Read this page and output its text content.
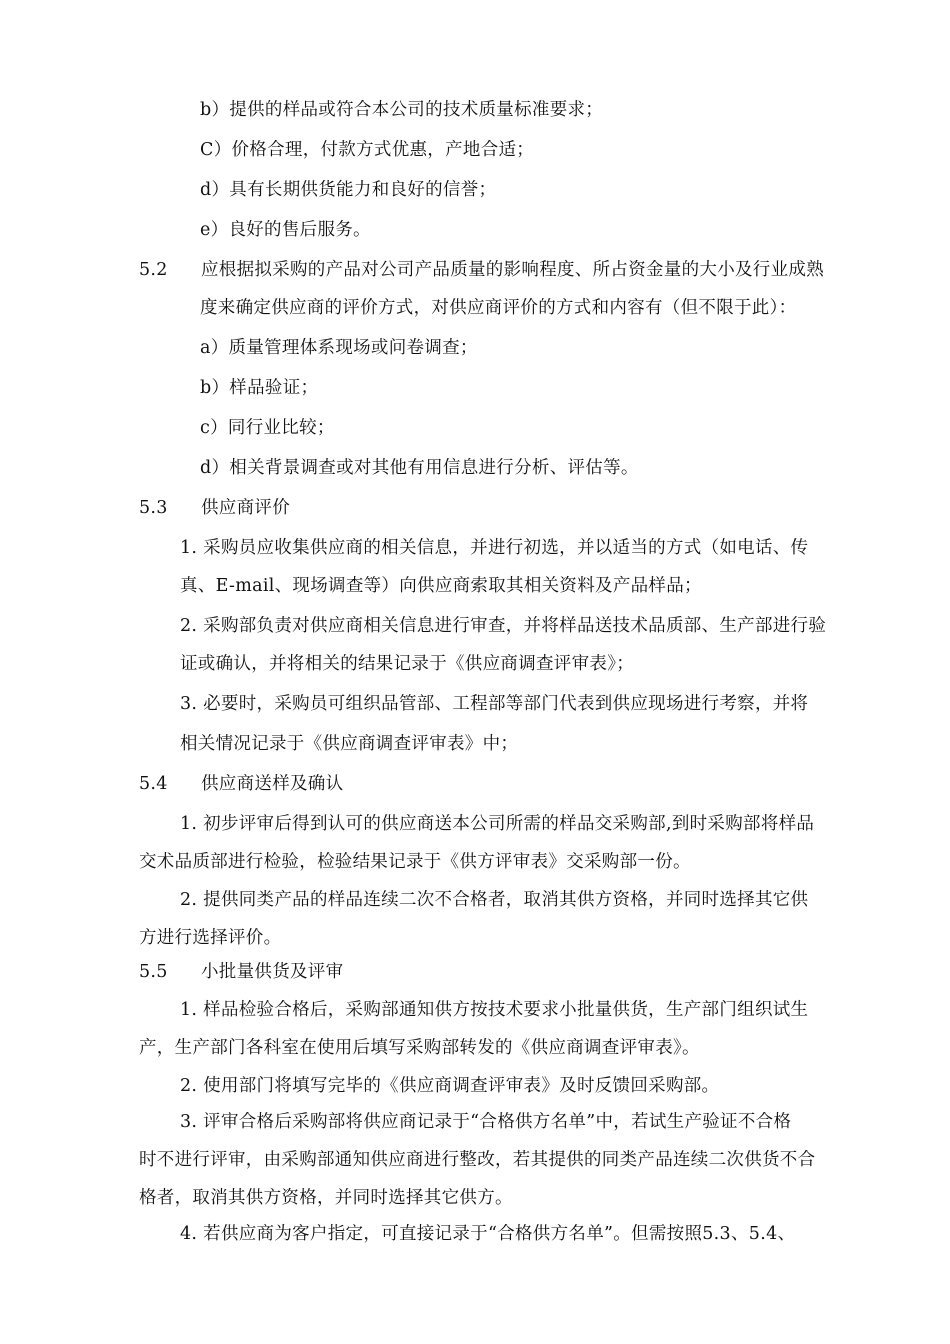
b）提供的样品或符合本公司的技术质量标准要求；
C）价格合理，付款方式优惠，产地合适；
d）具有长期供货能力和良好的信誉；
e）良好的售后服务。
5.2 应根据拟采购的产品对公司产品质量的影响程度、所占资金量的大小及行业成熟
度来确定供应商的评价方式，对供应商评价的方式和内容有（但不限于此）：
a）质量管理体系现场或问卷调查；
b）样品验证；
c）同行业比较；
d）相关背景调查或对其他有用信息进行分析、评估等。
5.3 供应商评价
1. 采购员应收集供应商的相关信息，并进行初选，并以适当的方式（如电话、传
真、E-mail、现场调查等）向供应商索取其相关资料及产品样品；
2. 采购部负责对供应商相关信息进行审查，并将样品送技术品质部、生产部进行验
证或确认，并将相关的结果记录于《供应商调查评审表》；
3. 必要时，采购员可组织品管部、工程部等部门代表到供应现场进行考察，并将
相关情况记录于《供应商调查评审表》中；
5.4 供应商送样及确认
1. 初步评审后得到认可的供应商送本公司所需的样品交采购部,到时采购部将样品
交术品质部进行检验，检验结果记录于《供方评审表》交采购部一份。
2. 提供同类产品的样品连续二次不合格者，取消其供方资格，并同时选择其它供
方进行选择评价。
5.5 小批量供货及评审
1. 样品检验合格后，采购部通知供方按技术要求小批量供货，生产部门组织试生
产，生产部门各科室在使用后填写采购部转发的《供应商调查评审表》。
2. 使用部门将填写完毕的《供应商调查评审表》及时反馈回采购部。
3. 评审合格后采购部将供应商记录于“合格供方名单”中，若试生产验证不合格
时不进行评审，由采购部通知供应商进行整改，若其提供的同类产品连续二次供货不合
格者，取消其供方资格，并同时选择其它供方。
4. 若供应商为客户指定，可直接记录于“合格供方名单”。但需按照5.3、5.4、
